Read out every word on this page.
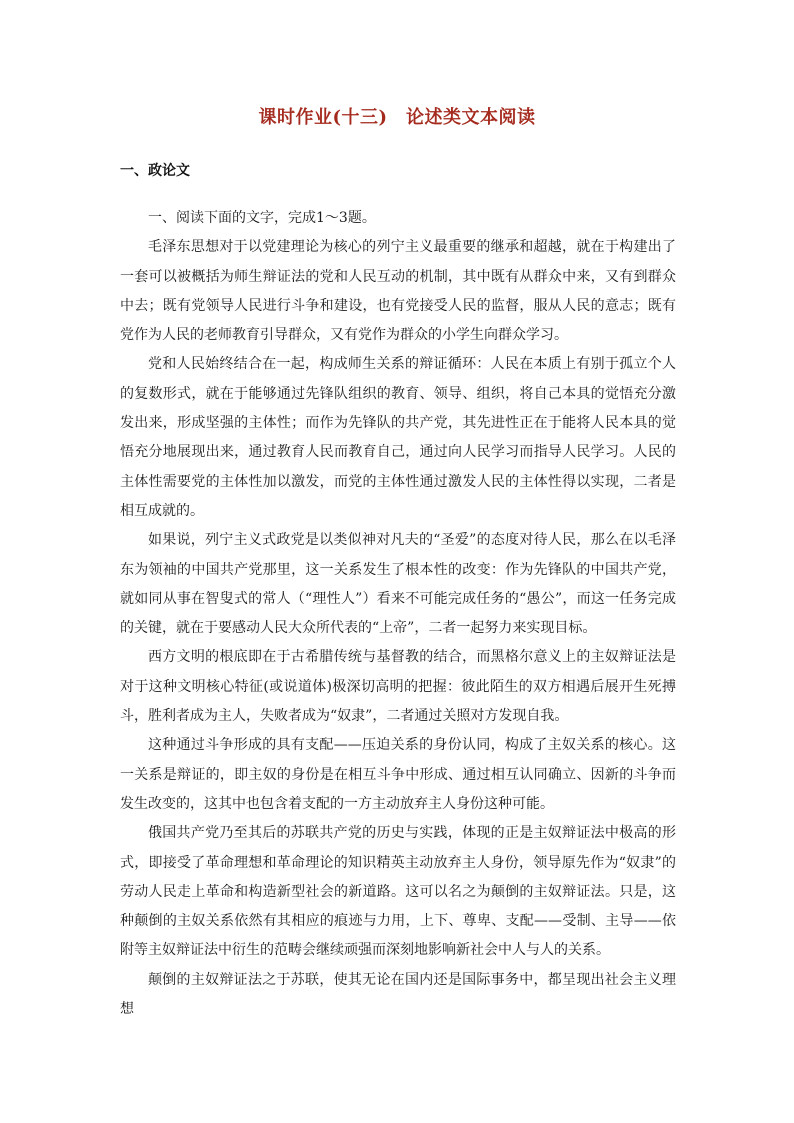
课时作业(十三)　论述类文本阅读
一、政论文

一、阅读下面的文字，完成1～3题。

毛泽东思想对于以党建理论为核心的列宁主义最重要的继承和超越，就在于构建出了一套可以被概括为师生辩证法的党和人民互动的机制，其中既有从群众中来，又有到群众中去；既有党领导人民进行斗争和建设，也有党接受人民的监督，服从人民的意志；既有党作为人民的老师教育引导群众，又有党作为群众的小学生向群众学习。

党和人民始终结合在一起，构成师生关系的辩证循环：人民在本质上有别于孤立个人的复数形式，就在于能够通过先锋队组织的教育、领导、组织，将自己本具的觉悟充分激发出来，形成坚强的主体性；而作为先锋队的共产党，其先进性正在于能将人民本具的觉悟充分地展现出来，通过教育人民而教育自己，通过向人民学习而指导人民学习。人民的主体性需要党的主体性加以激发，而党的主体性通过激发人民的主体性得以实现，二者是相互成就的。

如果说，列宁主义式政党是以类似神对凡夫的“圣爱”的态度对待人民，那么在以毛泽东为领袖的中国共产党那里，这一关系发生了根本性的改变：作为先锋队的中国共产党，就如同从事在智叟式的常人（“理性人”）看来不可能完成任务的“愚公”，而这一任务完成的关键，就在于要感动人民大众所代表的“上帝”，二者一起努力来实现目标。

西方文明的根底即在于古希腊传统与基督教的结合，而黑格尔意义上的主奴辩证法是对于这种文明核心特征(或说道体)极深切高明的把握：彼此陌生的双方相遇后展开生死搏斗，胜利者成为主人，失败者成为“奴隶”，二者通过关照对方发现自我。

这种通过斗争形成的具有支配——压迫关系的身份认同，构成了主奴关系的核心。这一关系是辩证的，即主奴的身份是在相互斗争中形成、通过相互认同确立、因新的斗争而发生改变的，这其中也包含着支配的一方主动放弃主人身份这种可能。

俄国共产党乃至其后的苏联共产党的历史与实践，体现的正是主奴辩证法中极高的形式，即接受了革命理想和革命理论的知识精英主动放弃主人身份，领导原先作为“奴隶”的劳动人民走上革命和构造新型社会的新道路。这可以名之为颠倒的主奴辩证法。只是，这种颠倒的主奴关系依然有其相应的痕迹与力用，上下、尊卑、支配——受制、主导——依附等主奴辩证法中衍生的范畴会继续顽强而深刻地影响新社会中人与人的关系。

颠倒的主奴辩证法之于苏联，使其无论在国内还是国际事务中，都呈现出社会主义理想
